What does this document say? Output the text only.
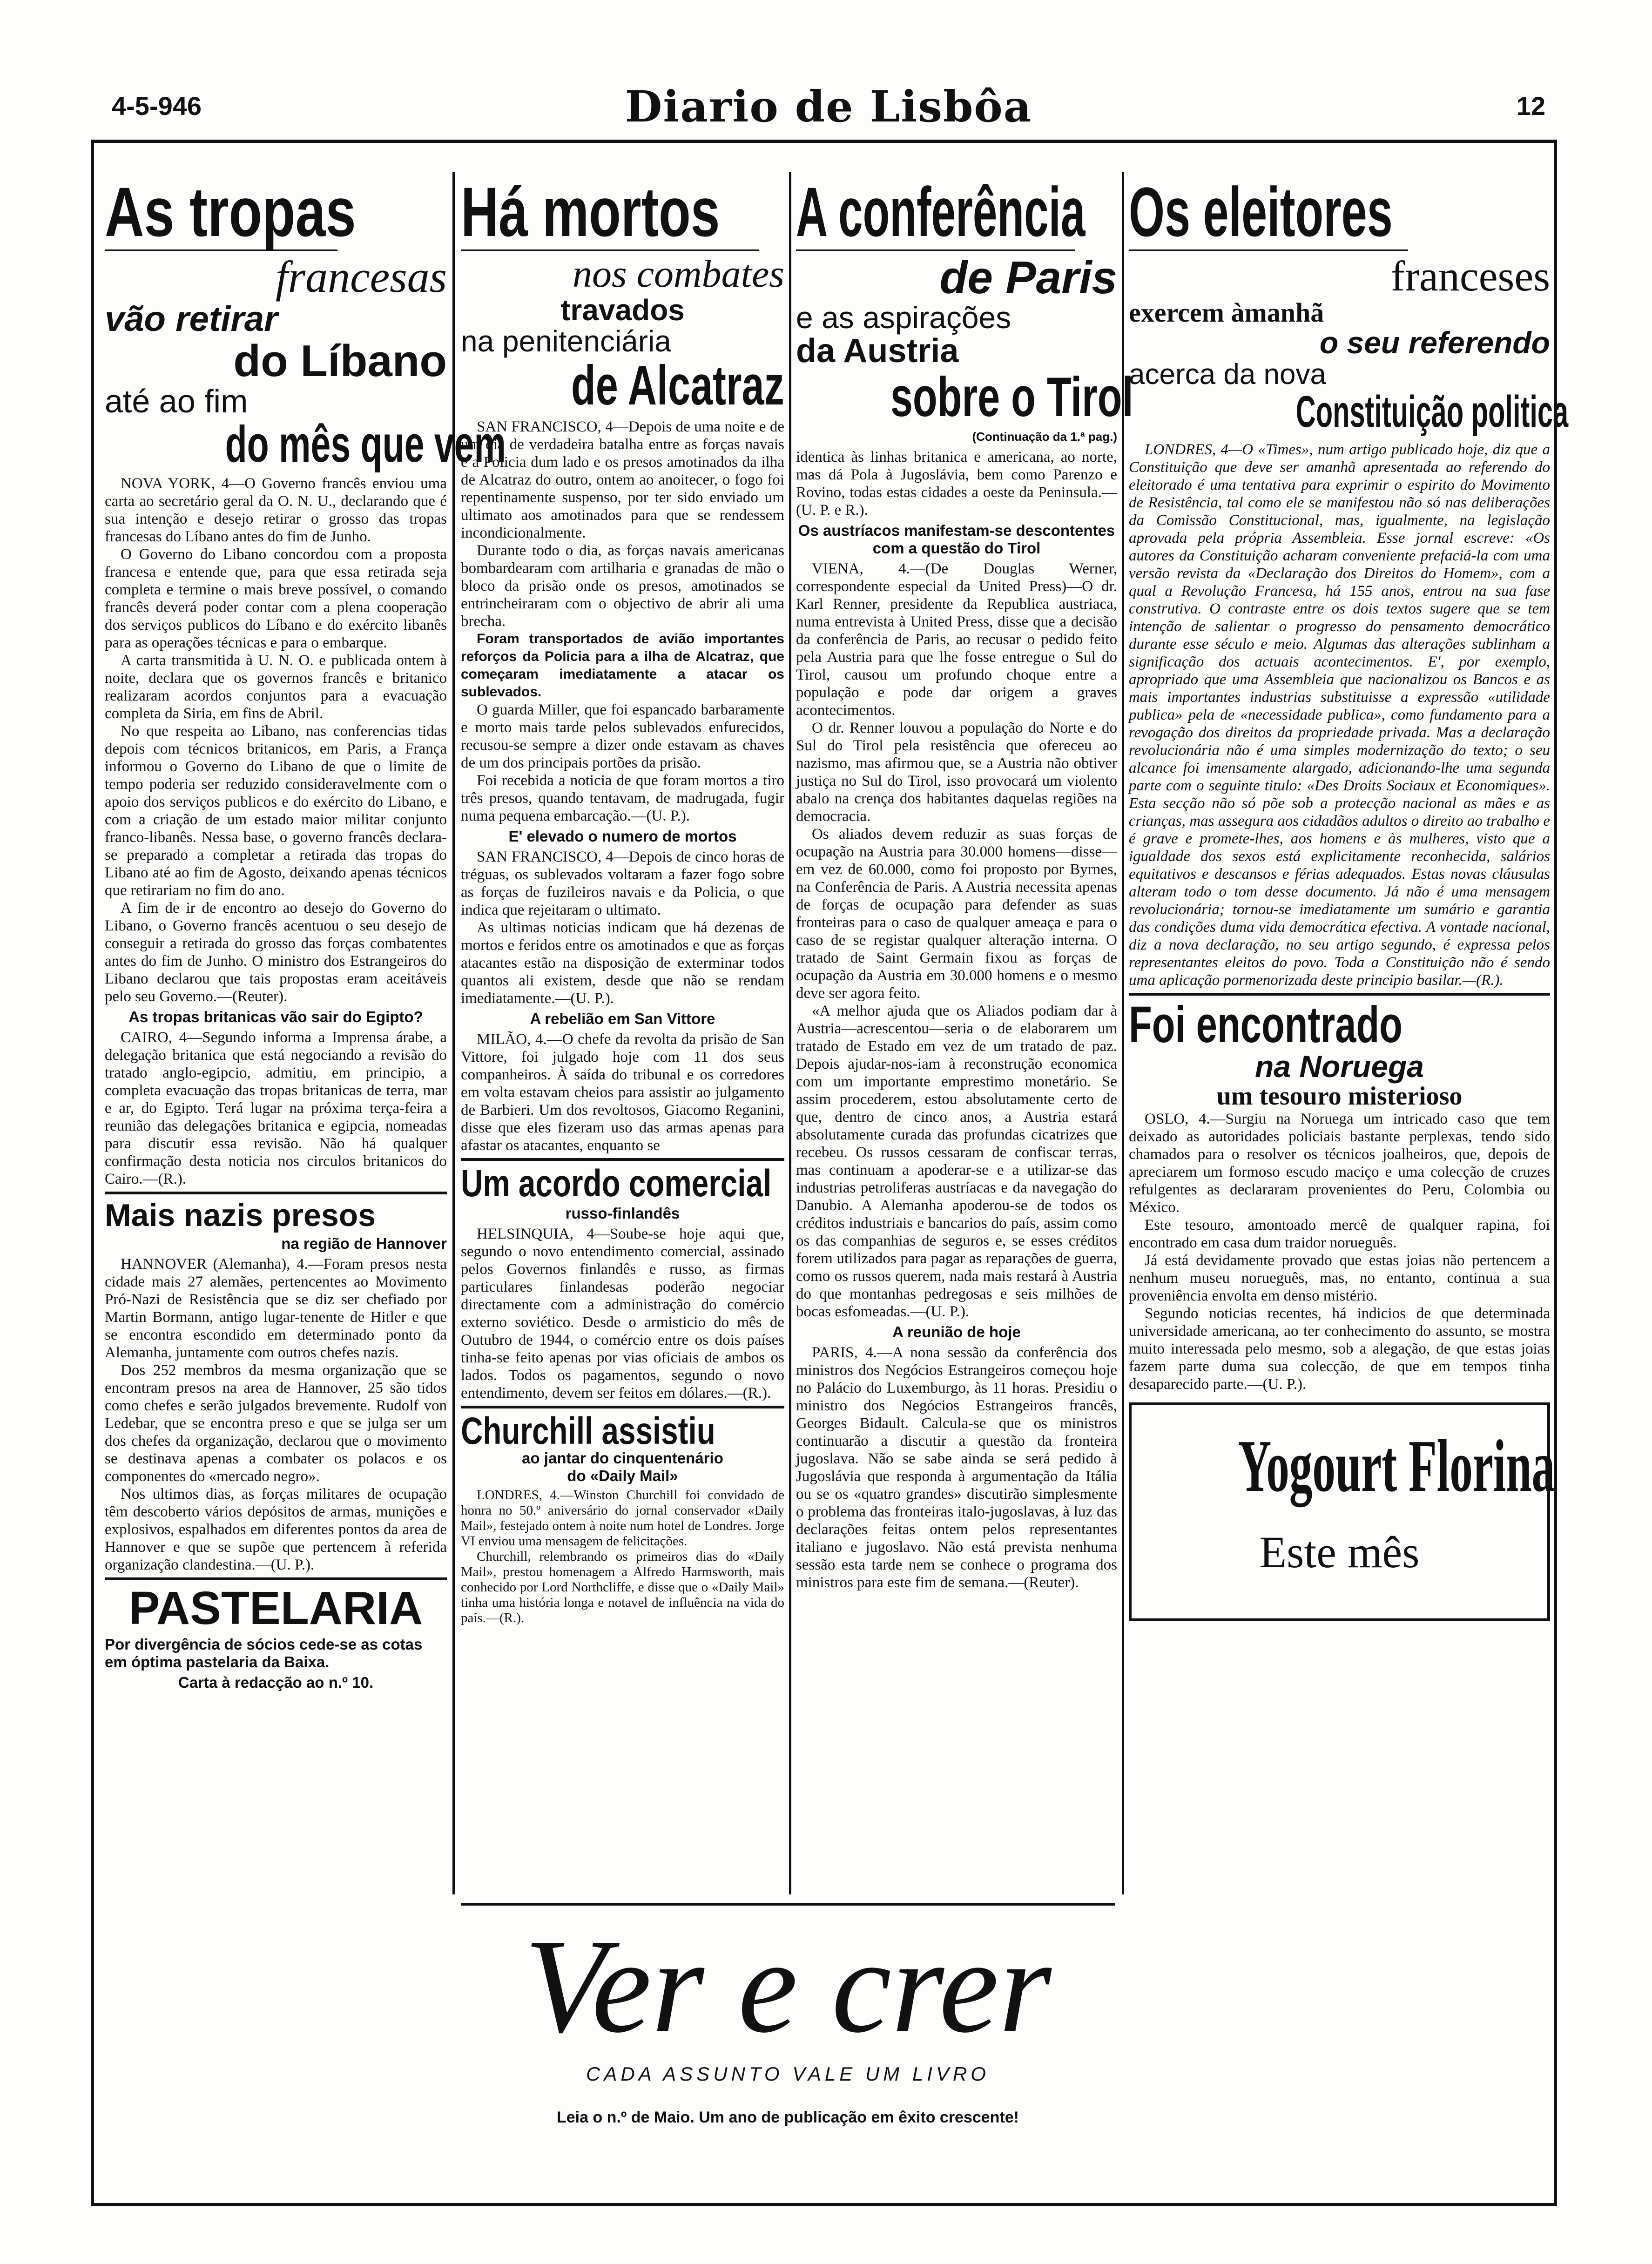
4-5-946	Diario de Lisbôa	12
As tropas
francesas
vão retirar
do Líbano
até ao fim
do mês que vem

NOVA YORK, 4—O Governo francês enviou uma carta ao secretário geral da O. N. U., declarando que é sua intenção e desejo retirar o grosso das tropas francesas do Líbano antes do fim de Junho.

O Governo do Libano concordou com a proposta francesa e entende que, para que essa retirada seja completa e termine o mais breve possível, o comando francês deverá poder contar com a plena cooperação dos serviços publicos do Líbano e do exército libanês para as operações técnicas e para o embarque.

A carta transmitida à U. N. O. e publicada ontem à noite, declara que os governos francês e britanico realizaram acordos conjuntos para a evacuação completa da Siria, em fins de Abril.

No que respeita ao Libano, nas conferencias tidas depois com técnicos britanicos, em Paris, a França informou o Governo do Libano de que o limite de tempo poderia ser reduzido consideravelmente com o apoio dos serviços publicos e do exército do Libano, e com a criação de um estado maior militar conjunto franco-libanês. Nessa base, o governo francês declara-se preparado a completar a retirada das tropas do Libano até ao fim de Agosto, deixando apenas técnicos que retirariam no fim do ano.

A fim de ir de encontro ao desejo do Governo do Libano, o Governo francês acentuou o seu desejo de conseguir a retirada do grosso das forças combatentes antes do fim de Junho. O ministro dos Estrangeiros do Libano declarou que tais propostas eram aceitáveis pelo seu Governo.—(Reuter).

As tropas britanicas vão sair do Egipto?

CAIRO, 4—Segundo informa a Imprensa árabe, a delegação britanica que está negociando a revisão do tratado anglo-egipcio, admitiu, em principio, a completa evacuação das tropas britanicas de terra, mar e ar, do Egipto. Terá lugar na próxima terça-feira a reunião das delegações britanica e egipcia, nomeadas para discutir essa revisão. Não há qualquer confirmação desta noticia nos circulos britanicos do Cairo.—(R.).

Mais nazis presos
na região de Hannover

HANNOVER (Alemanha), 4.—Foram presos nesta cidade mais 27 alemães, pertencentes ao Movimento Pró-Nazi de Resistência que se diz ser chefiado por Martin Bormann, antigo lugar-tenente de Hitler e que se encontra escondido em determinado ponto da Alemanha, juntamente com outros chefes nazis.

Dos 252 membros da mesma organização que se encontram presos na area de Hannover, 25 são tidos como chefes e serão julgados brevemente. Rudolf von Ledebar, que se encontra preso e que se julga ser um dos chefes da organização, declarou que o movimento se destinava apenas a combater os polacos e os componentes do «mercado negro».

Nos ultimos dias, as forças militares de ocupação têm descoberto vários depósitos de armas, munições e explosivos, espalhados em diferentes pontos da area de Hannover e que se supõe que pertencem à referida organização clandestina.—(U. P.).

PASTELARIA
Por divergência de sócios cede-se as cotas em óptima pastelaria da Baixa.
Carta à redacção ao n.º 10.
Há mortos
nos combates
travados
na penitenciária
de Alcatraz

SAN FRANCISCO, 4—Depois de uma noite e de um dia de verdadeira batalha entre as forças navais e a Policia dum lado e os presos amotinados da ilha de Alcatraz do outro, ontem ao anoitecer, o fogo foi repentinamente suspenso, por ter sido enviado um ultimato aos amotinados para que se rendessem incondicionalmente.

Durante todo o dia, as forças navais americanas bombardearam com artilharia e granadas de mão o bloco da prisão onde os presos, amotinados se entrincheiraram com o objectivo de abrir ali uma brecha.

Foram transportados de avião importantes reforços da Policia para a ilha de Alcatraz, que começaram imediatamente a atacar os sublevados.

O guarda Miller, que foi espancado barbaramente e morto mais tarde pelos sublevados enfurecidos, recusou-se sempre a dizer onde estavam as chaves de um dos principais portões da prisão.

Foi recebida a noticia de que foram mortos a tiro três presos, quando tentavam, de madrugada, fugir numa pequena embarcação.—(U. P.).

E' elevado o numero de mortos

SAN FRANCISCO, 4—Depois de cinco horas de tréguas, os sublevados voltaram a fazer fogo sobre as forças de fuzileiros navais e da Policia, o que indica que rejeitaram o ultimato.

As ultimas noticias indicam que há dezenas de mortos e feridos entre os amotinados e que as forças atacantes estão na disposição de exterminar todos quantos ali existem, desde que não se rendam imediatamente.—(U. P.).

A rebelião em San Vittore

MILÃO, 4.—O chefe da revolta da prisão de San Vittore, foi julgado hoje com 11 dos seus companheiros. À saída do tribunal e os corredores em volta estavam cheios para assistir ao julgamento de Barbieri. Um dos revoltosos, Giacomo Reganini, disse que eles fizeram uso das armas apenas para afastar os atacantes, enquanto se

Um acordo comercial
russo-finlandês

HELSINQUIA, 4—Soube-se hoje aqui que, segundo o novo entendimento comercial, assinado pelos Governos finlandês e russo, as firmas particulares finlandesas poderão negociar directamente com a administração do comércio externo soviético. Desde o armisticio do mês de Outubro de 1944, o comércio entre os dois países tinha-se feito apenas por vias oficiais de ambos os lados. Todos os pagamentos, segundo o novo entendimento, devem ser feitos em dólares.—(R.).

Churchill assistiu
ao jantar do cinquentenário
do «Daily Mail»

LONDRES, 4.—Winston Churchill foi convidado de honra no 50.º aniversário do jornal conservador «Daily Mail», festejado ontem à noite num hotel de Londres. Jorge VI enviou uma mensagem de felicitações.

Churchill, relembrando os primeiros dias do «Daily Mail», prestou homenagem a Alfredo Harmsworth, mais conhecido por Lord Northcliffe, e disse que o «Daily Mail» tinha uma história longa e notavel de influência na vida do país.—(R.).

A conferência
de Paris
e as aspirações
da Austria
sobre o Tirol
(Continuação da 1.ª pag.)

identica às linhas britanica e americana, ao norte, mas dá Pola à Jugoslávia, bem como Parenzo e Rovino, todas estas cidades a oeste da Peninsula.—(U. P. e R.).

Os austríacos manifestam-se descontentes com a questão do Tirol

VIENA, 4.—(De Douglas Werner, correspondente especial da United Press)—O dr. Karl Renner, presidente da Republica austriaca, numa entrevista à United Press, disse que a decisão da conferência de Paris, ao recusar o pedido feito pela Austria para que lhe fosse entregue o Sul do Tirol, causou um profundo choque entre a população e pode dar origem a graves acontecimentos.

O dr. Renner louvou a população do Norte e do Sul do Tirol pela resistência que ofereceu ao nazismo, mas afirmou que, se a Austria não obtiver justiça no Sul do Tirol, isso provocará um violento abalo na crença dos habitantes daquelas regiões na democracia.

Os aliados devem reduzir as suas forças de ocupação na Austria para 30.000 homens—disse—em vez de 60.000, como foi proposto por Byrnes, na Conferência de Paris. A Austria necessita apenas de forças de ocupação para defender as suas fronteiras para o caso de qualquer ameaça e para o caso de se registar qualquer alteração interna. O tratado de Saint Germain fixou as forças de ocupação da Austria em 30.000 homens e o mesmo deve ser agora feito.

«A melhor ajuda que os Aliados podiam dar à Austria—acrescentou—seria o de elaborarem um tratado de Estado em vez de um tratado de paz. Depois ajudar-nos-iam à reconstrução economica com um importante emprestimo monetário. Se assim procederem, estou absolutamente certo de que, dentro de cinco anos, a Austria estará absolutamente curada das profundas cicatrizes que recebeu. Os russos cessaram de confiscar terras, mas continuam a apoderar-se e a utilizar-se das industrias petroliferas austríacas e da navegação do Danubio. A Alemanha apoderou-se de todos os créditos industriais e bancarios do país, assim como os das companhias de seguros e, se esses créditos forem utilizados para pagar as reparações de guerra, como os russos querem, nada mais restará à Austria do que montanhas pedregosas e seis milhões de bocas esfomeadas.—(U. P.).

A reunião de hoje

PARIS, 4.—A nona sessão da conferência dos ministros dos Negócios Estrangeiros começou hoje no Palácio do Luxemburgo, às 11 horas. Presidiu o ministro dos Negócios Estrangeiros francês, Georges Bidault. Calcula-se que os ministros continuarão a discutir a questão da fronteira jugoslava. Não se sabe ainda se será pedido à Jugoslávia que responda à argumentação da Itália ou se os «quatro grandes» discutirão simplesmente o problema das fronteiras italo-jugoslavas, à luz das declarações feitas ontem pelos representantes italiano e jugoslavo. Não está prevista nenhuma sessão esta tarde nem se conhece o programa dos ministros para este fim de semana.—(Reuter).

Os eleitores
franceses
exercem àmanhã
o seu referendo
acerca da nova
Constituição politica

LONDRES, 4—O «Times», num artigo publicado hoje, diz que a Constituição que deve ser amanhã apresentada ao referendo do eleitorado é uma tentativa para exprimir o espirito do Movimento de Resistência, tal como ele se manifestou não só nas deliberações da Comissão Constitucional, mas, igualmente, na legislação aprovada pela própria Assembleia. Esse jornal escreve: «Os autores da Constituição acharam conveniente prefaciá-la com uma versão revista da «Declaração dos Direitos do Homem», com a qual a Revolução Francesa, há 155 anos, entrou na sua fase construtiva. O contraste entre os dois textos sugere que se tem intenção de salientar o progresso do pensamento democrático durante esse século e meio. Algumas das alterações sublinham a significação dos actuais acontecimentos. E', por exemplo, apropriado que uma Assembleia que nacionalizou os Bancos e as mais importantes industrias substituisse a expressão «utilidade publica» pela de «necessidade publica», como fundamento para a revogação dos direitos da propriedade privada. Mas a declaração revolucionária não é uma simples modernização do texto; o seu alcance foi imensamente alargado, adicionando-lhe uma segunda parte com o seguinte titulo: «Des Droits Sociaux et Economiques». Esta secção não só põe sob a protecção nacional as mães e as crianças, mas assegura aos cidadãos adultos o direito ao trabalho e é grave e promete-lhes, aos homens e às mulheres, visto que a igualdade dos sexos está explicitamente reconhecida, salários equitativos e descansos e férias adequados. Estas novas cláusulas alteram todo o tom desse documento. Já não é uma mensagem revolucionária; tornou-se imediatamente um sumário e garantia das condições duma vida democrática efectiva. A vontade nacional, diz a nova declaração, no seu artigo segundo, é expressa pelos representantes eleitos do povo. Toda a Constituição não é sendo uma aplicação pormenorizada deste principio basilar.—(R.).

Foi encontrado
na Noruega
um tesouro misterioso

OSLO, 4.—Surgiu na Noruega um intricado caso que tem deixado as autoridades policiais bastante perplexas, tendo sido chamados para o resolver os técnicos joalheiros, que, depois de apreciarem um formoso escudo maciço e uma colecção de cruzes refulgentes as declararam provenientes do Peru, Colombia ou México.

Este tesouro, amontoado mercê de qualquer rapina, foi encontrado em casa dum traidor norueguês.

Já está devidamente provado que estas joias não pertencem a nenhum museu norueguês, mas, no entanto, continua a sua proveniência envolta em denso mistério.

Segundo noticias recentes, há indicios de que determinada universidade americana, ao ter conhecimento do assunto, se mostra muito interessada pelo mesmo, sob a alegação, de que estas joias fazem parte duma sua colecção, de que em tempos tinha desaparecido parte.—(U. P.).

Yogourt Florina
Este mês
Ver e crer
CADA ASSUNTO VALE UM LIVRO
Leia o n.º de Maio. Um ano de publicação em êxito crescente!
